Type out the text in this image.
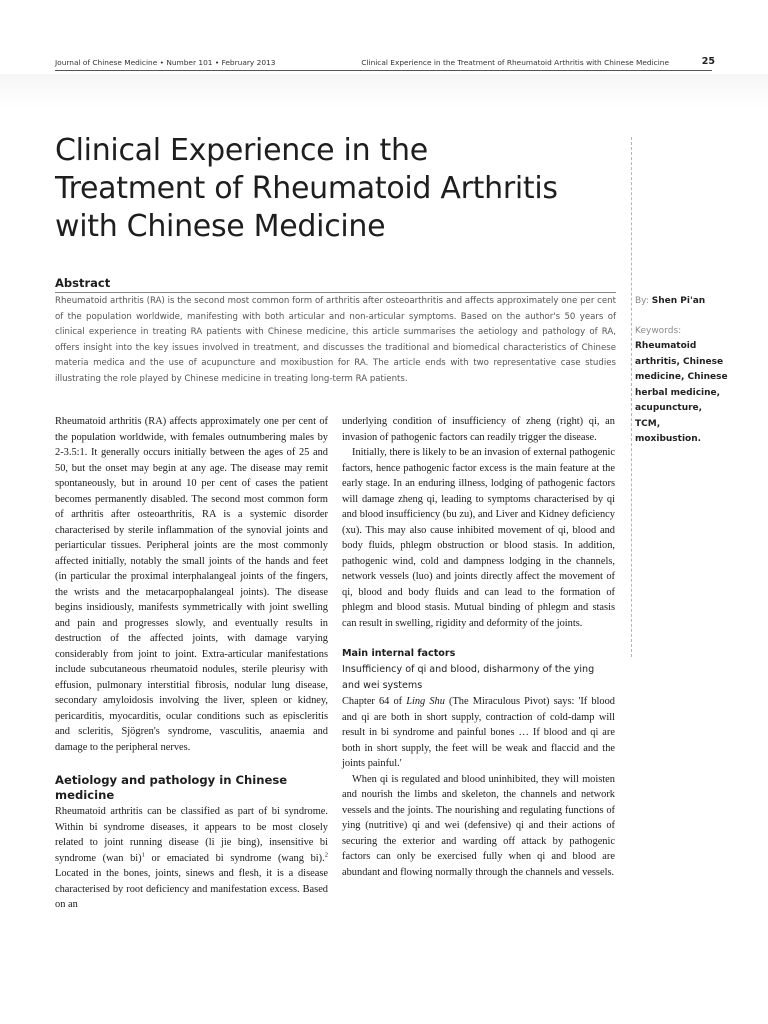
Journal of Chinese Medicine • Number 101 • February 2013	Clinical Experience in the Treatment of Rheumatoid Arthritis with Chinese Medicine	25
Clinical Experience in the
Treatment of Rheumatoid Arthritis
with Chinese Medicine
Abstract

Rheumatoid arthritis (RA) is the second most common form of arthritis after osteoarthritis and affects approximately one per cent of the population worldwide, manifesting with both articular and non-articular symptoms. Based on the author's 50 years of clinical experience in treating RA patients with Chinese medicine, this article summarises the aetiology and pathology of RA, offers insight into the key issues involved in treatment, and discusses the traditional and biomedical characteristics of Chinese materia medica and the use of acupuncture and moxibustion for RA. The article ends with two representative case studies illustrating the role played by Chinese medicine in treating long-term RA patients.

By: Shen Pi'an
Keywords:

Rheumatoid

arthritis, Chinese

medicine, Chinese

herbal medicine,

acupuncture,

TCM,

moxibustion.

Rheumatoid arthritis (RA) affects approximately one per cent of the population worldwide, with females outnumbering males by 2-3.5:1. It generally occurs initially between the ages of 25 and 50, but the onset may begin at any age. The disease may remit spontaneously, but in around 10 per cent of cases the patient becomes permanently disabled. The second most common form of arthritis after osteoarthritis, RA is a systemic disorder characterised by sterile inflammation of the synovial joints and periarticular tissues. Peripheral joints are the most commonly affected initially, notably the small joints of the hands and feet (in particular the proximal interphalangeal joints of the fingers, the wrists and the metacarpophalangeal joints). The disease begins insidiously, manifests symmetrically with joint swelling and pain and progresses slowly, and eventually results in destruction of the affected joints, with damage varying considerably from joint to joint. Extra-articular manifestations include subcutaneous rheumatoid nodules, sterile pleurisy with effusion, pulmonary interstitial fibrosis, nodular lung disease, secondary amyloidosis involving the liver, spleen or kidney, pericarditis, myocarditis, ocular conditions such as episcleritis and scleritis, Sjögren's syndrome, vasculitis, anaemia and damage to the peripheral nerves.

Aetiology and pathology in Chinese medicine

Rheumatoid arthritis can be classified as part of bi syndrome. Within bi syndrome diseases, it appears to be most closely related to joint running disease (li jie bing), insensitive bi syndrome (wan bi)$^1$ or emaciated bi syndrome (wang bi).$^2$ Located in the bones, joints, sinews and flesh, it is a disease characterised by root deficiency and manifestation excess. Based on an

underlying condition of insufficiency of zheng (right) qi, an invasion of pathogenic factors can readily trigger the disease.

Initially, there is likely to be an invasion of external pathogenic factors, hence pathogenic factor excess is the main feature at the early stage. In an enduring illness, lodging of pathogenic factors will damage zheng qi, leading to symptoms characterised by qi and blood insufficiency (bu zu), and Liver and Kidney deficiency (xu). This may also cause inhibited movement of qi, blood and body fluids, phlegm obstruction or blood stasis. In addition, pathogenic wind, cold and dampness lodging in the channels, network vessels (luo) and joints directly affect the movement of qi, blood and body fluids and can lead to the formation of phlegm and blood stasis. Mutual binding of phlegm and stasis can result in swelling, rigidity and deformity of the joints.

Main internal factors
Insufficiency of qi and blood, disharmony of the ying and wei systems

Chapter 64 of Ling Shu (The Miraculous Pivot) says: 'If blood and qi are both in short supply, contraction of cold-damp will result in bi syndrome and painful bones … If blood and qi are both in short supply, the feet will be weak and flaccid and the joints painful.'

When qi is regulated and blood uninhibited, they will moisten and nourish the limbs and skeleton, the channels and network vessels and the joints. The nourishing and regulating functions of ying (nutritive) qi and wei (defensive) qi and their actions of securing the exterior and warding off attack by pathogenic factors can only be exercised fully when qi and blood are abundant and flowing normally through the channels and vessels.
